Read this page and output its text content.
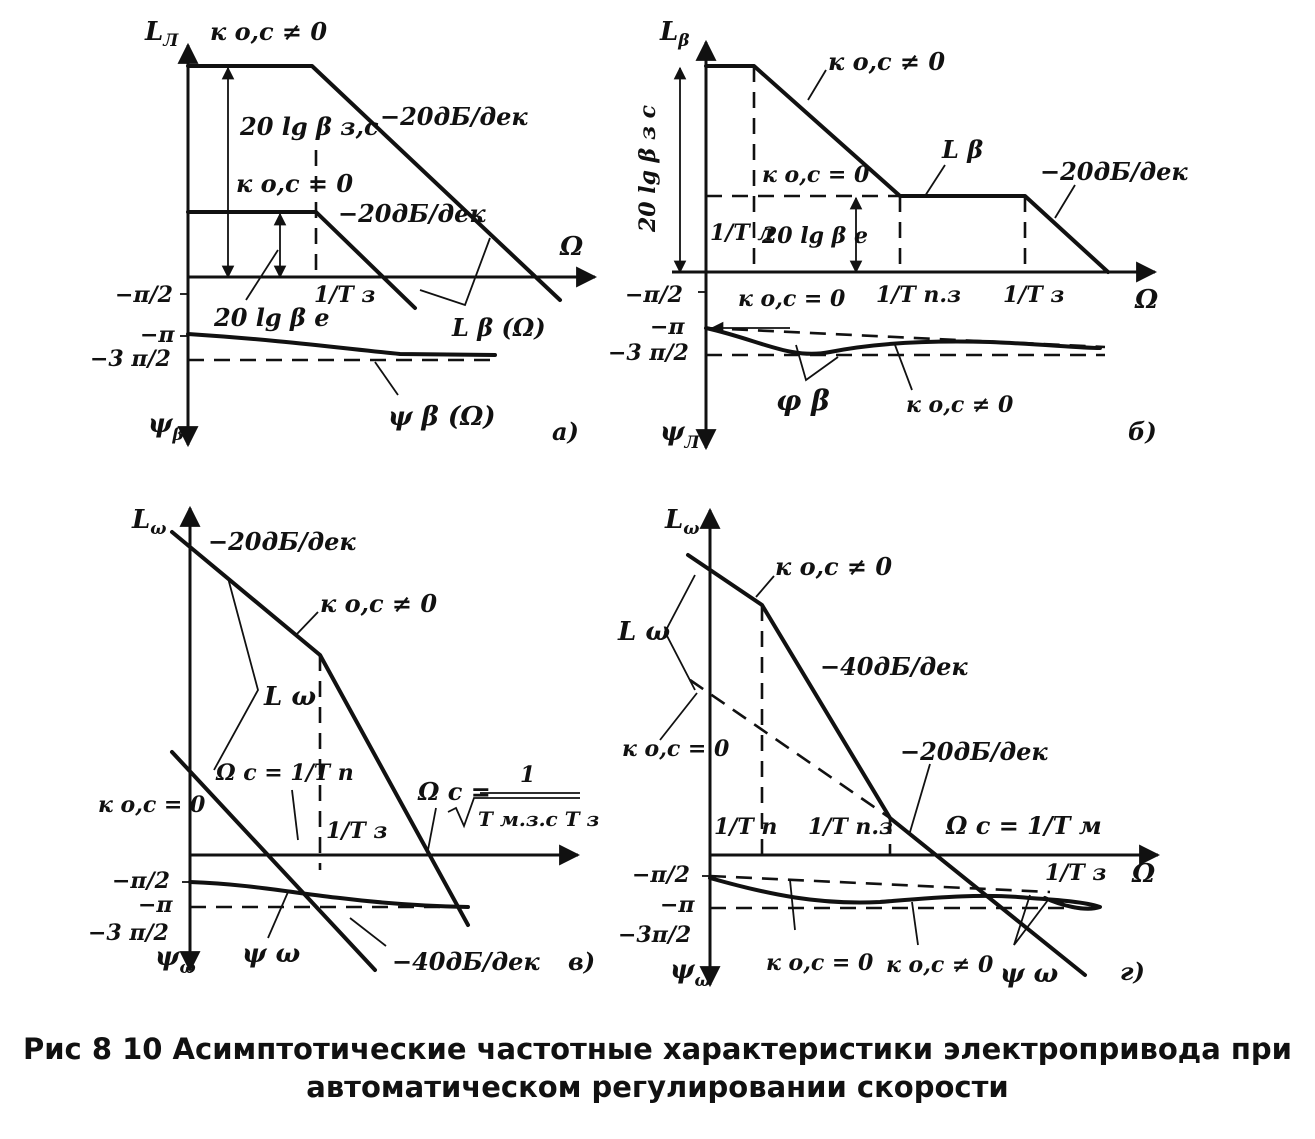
$L_Л$
$\psi_\beta$
к о,с ≠ 0
20 lg β з,с
к о,с = 0
−20дБ/дек
−20дБ/дек
Ω
1/T з
20 lg β е	L β (Ω)
−π/2
−π
−3 π/2
ψ β (Ω) а)
$L_\beta$
$\psi_Л$
20 lg β з с
к о,с ≠ 0
к о,с = 0
1/T л
20 lg β е
L β
−20дБ/дек
1/T п.з 1/T з	Ω
−π/2
−π
−3 π/2
к о,с = 0
φ β	к о,с ≠ 0
б)
$L_\omega$
$\psi_\omega$
−20дБ/дек
к о,с ≠ 0
L ω
к о,с = 0
Ω c = 1/T п
Ω c =
1
T м.з.с T з
1/T з
−π/2
−π
−3 π/2
ψ ω	−40дБ/дек в)
$L_\omega$
$\psi_\omega$
к о,с ≠ 0
L ω
−40дБ/дек
к о,с = 0	−20дБ/дек
1/T п 1/T п.з Ω c = 1/T м
1/T з Ω
−π/2
−π
−3π/2
к о,с = 0 к о,с ≠ 0 ψ ω	г)
Рис 8 10 Асимптотические частотные характеристики электропривода при
автоматическом регулировании скорости
